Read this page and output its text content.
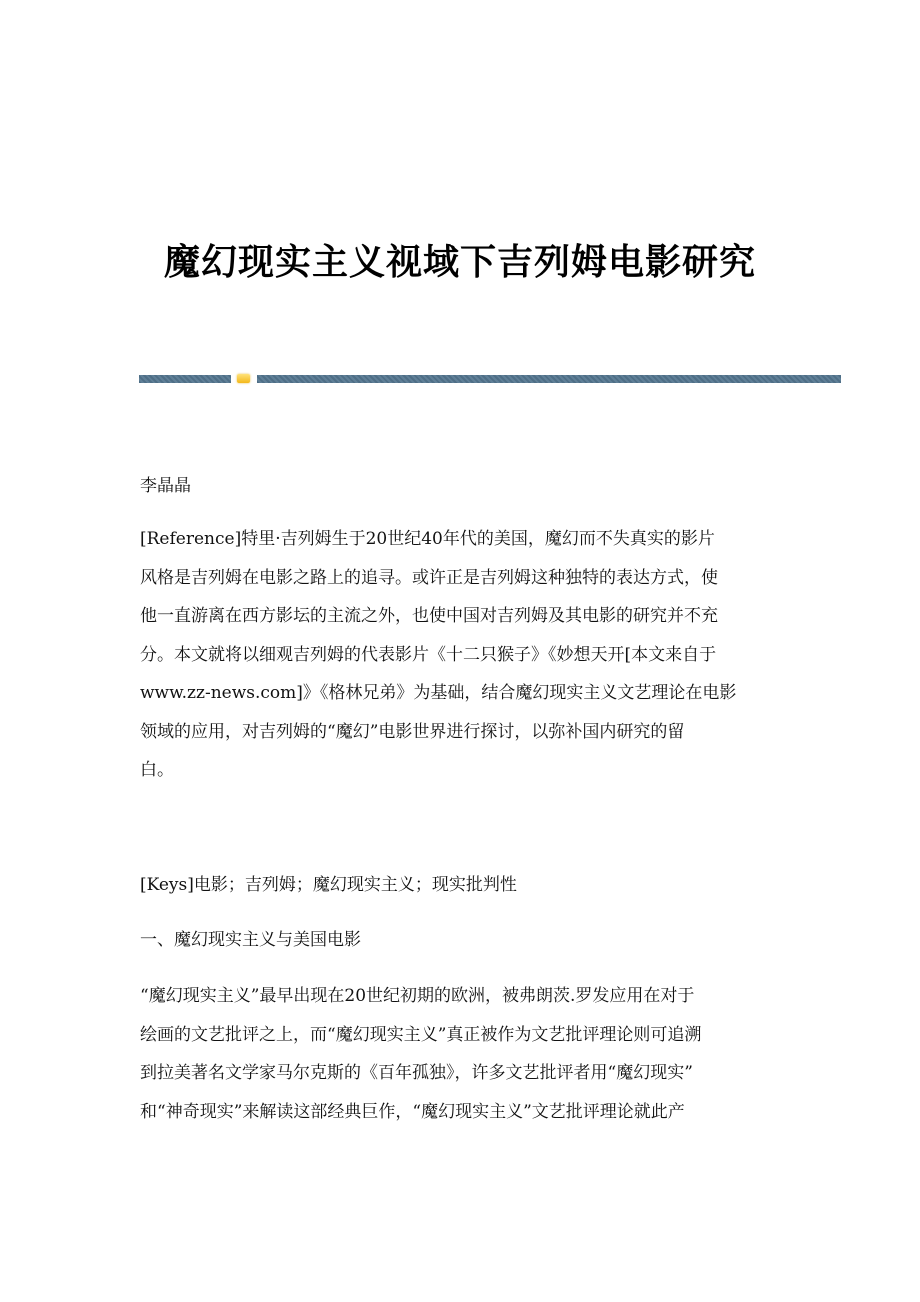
魔幻现实主义视域下吉列姆电影研究

李晶晶

[Reference]特里·吉列姆生于20世纪40年代的美国，魔幻而不失真实的影片
风格是吉列姆在电影之路上的追寻。或许正是吉列姆这种独特的表达方式，使
他一直游离在西方影坛的主流之外，也使中国对吉列姆及其电影的研究并不充
分。本文就将以细观吉列姆的代表影片《十二只猴子》《妙想天开[本文来自于
www.zz-news.com]》《格林兄弟》为基础，结合魔幻现实主义文艺理论在电影
领域的应用，对吉列姆的“魔幻”电影世界进行探讨，以弥补国内研究的留
白。

[Keys]电影；吉列姆；魔幻现实主义；现实批判性

一、魔幻现实主义与美国电影

“魔幻现实主义”最早出现在20世纪初期的欧洲，被弗朗茨.罗发应用在对于
绘画的文艺批评之上，而“魔幻现实主义”真正被作为文艺批评理论则可追溯
到拉美著名文学家马尔克斯的《百年孤独》，许多文艺批评者用“魔幻现实”
和“神奇现实”来解读这部经典巨作，“魔幻现实主义”文艺批评理论就此产
